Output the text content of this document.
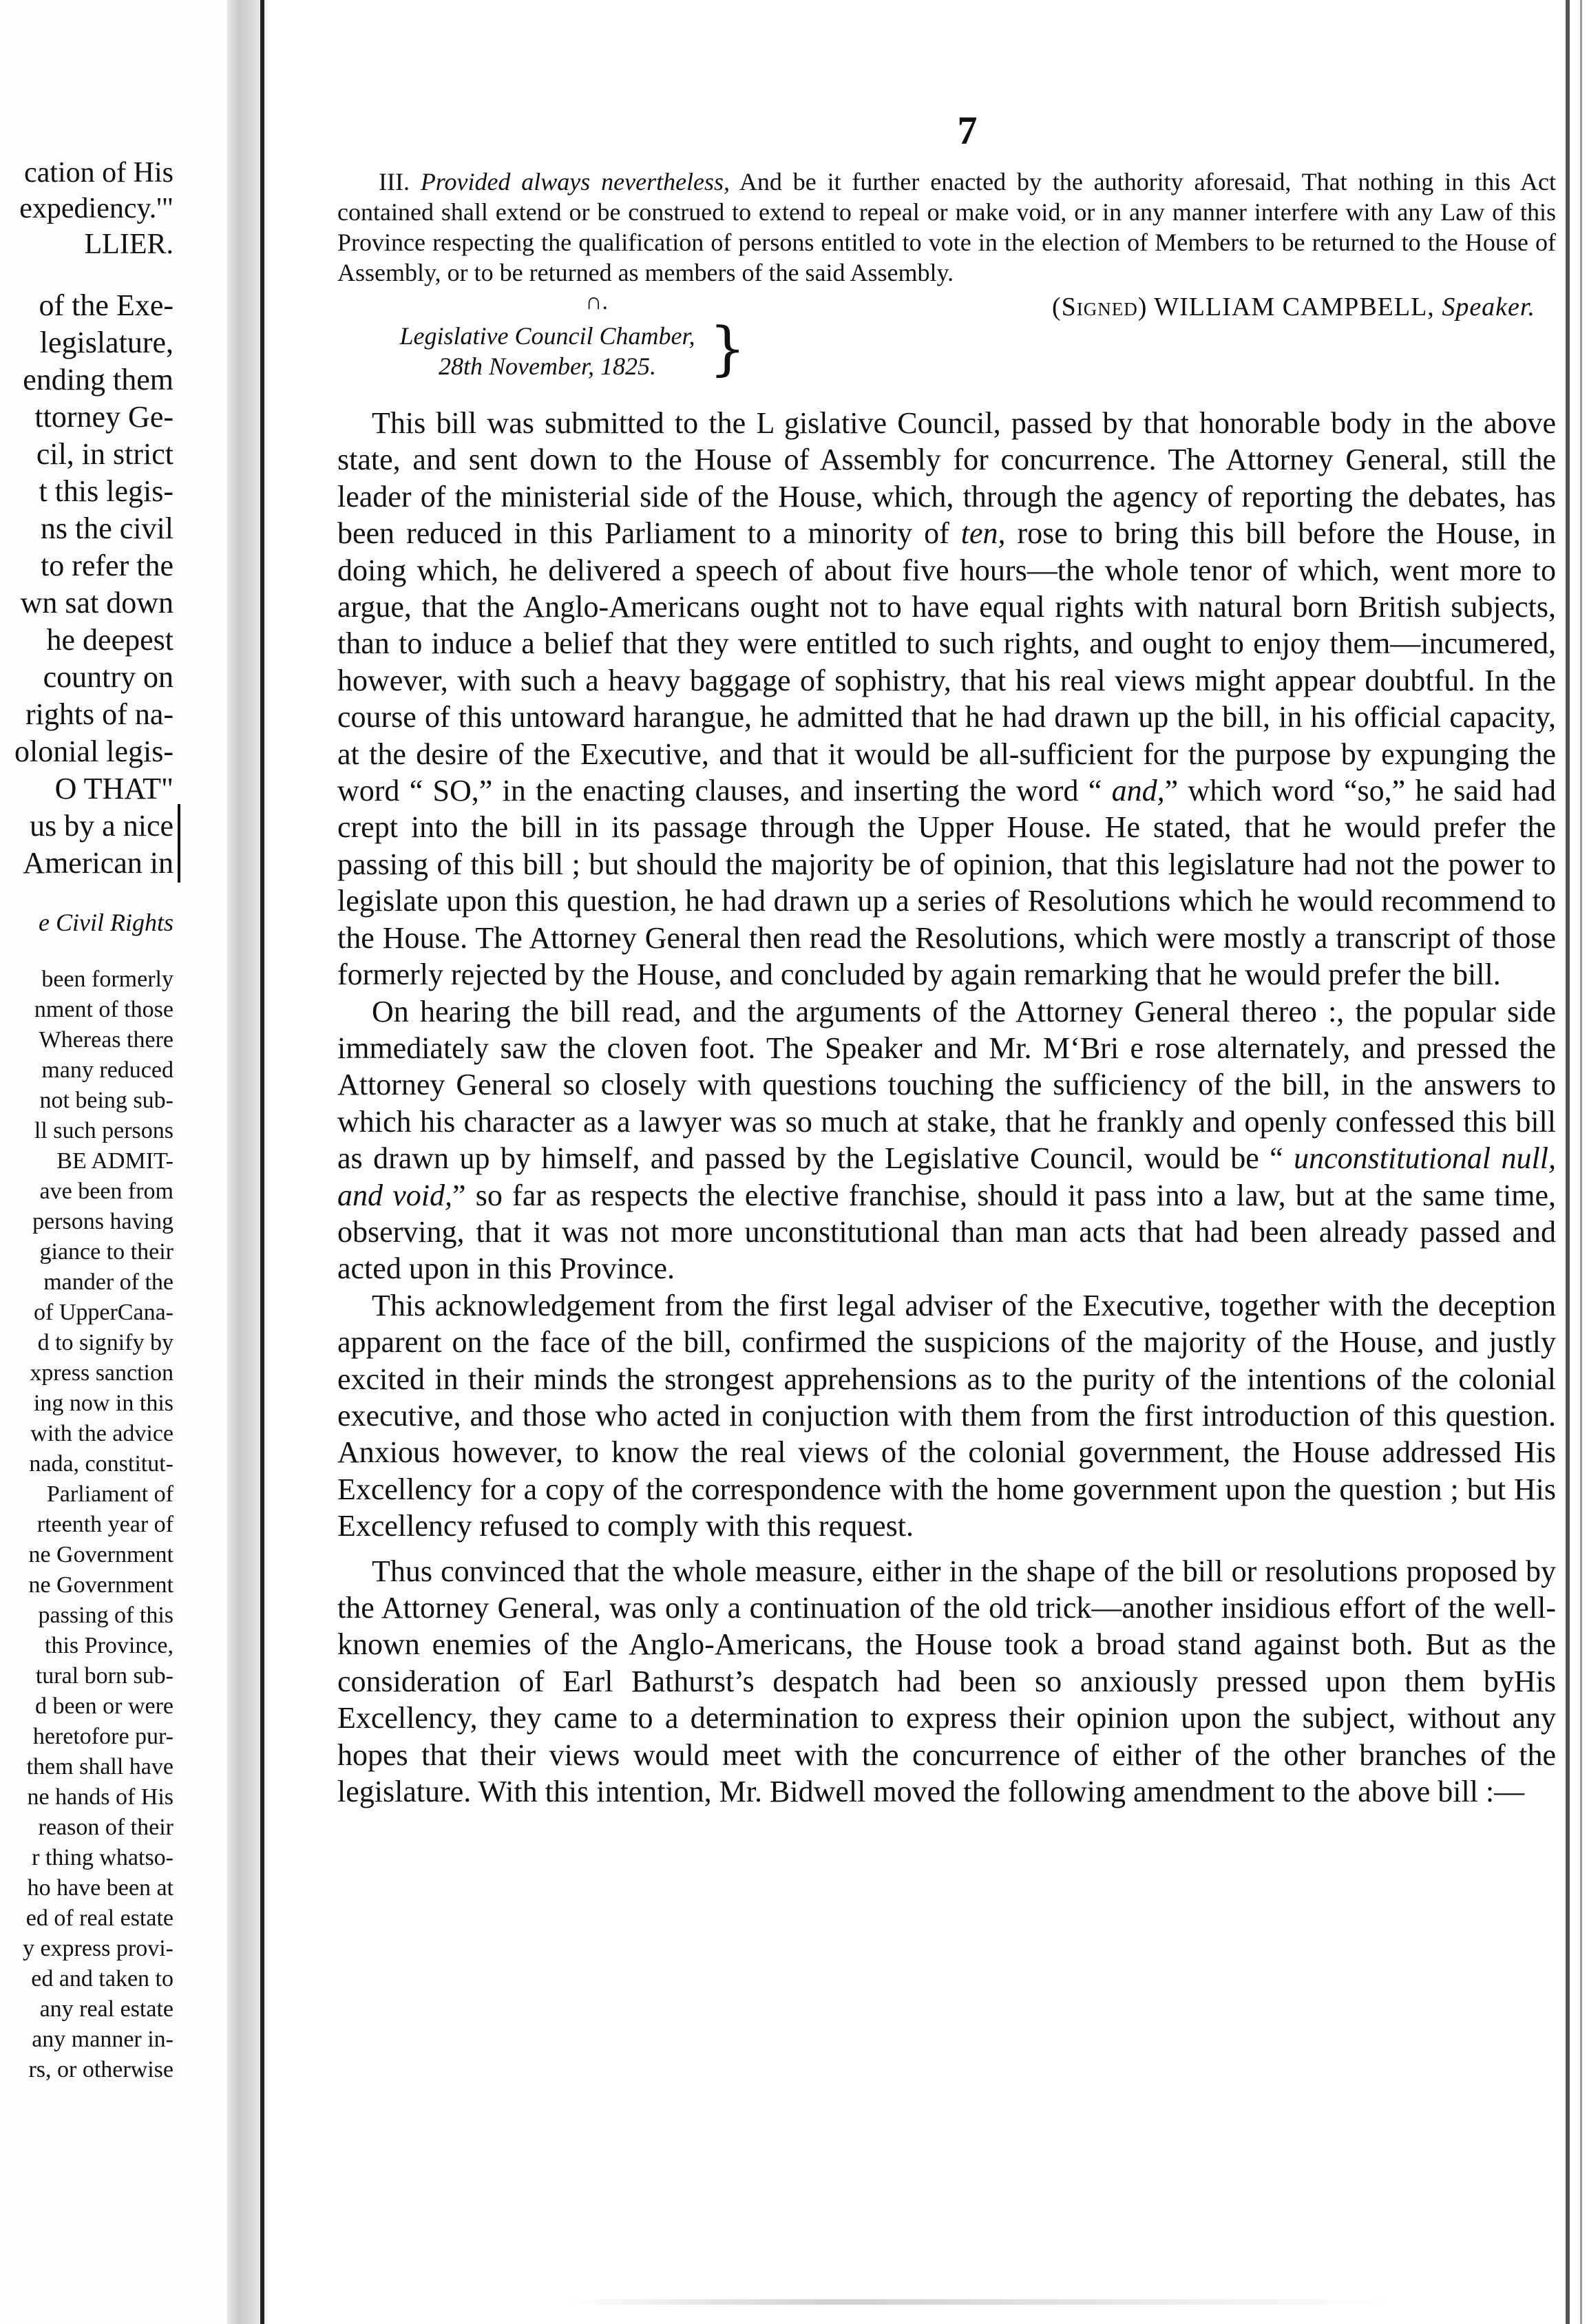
cation of His
expediency.'"
LLIER.
of the Exe-
legislature,
ending them
ttorney Ge-
cil, in strict
t this legis-
ns the civil
to refer the
wn sat down
he deepest
country on
rights of na-
olonial legis-
O THAT"
us by a nice
American in
e Civil Rights
been formerly
nment of those
Whereas there
many reduced
not being sub-
ll such persons
BE ADMIT-
ave been from
persons having
giance to their
mander of the
of UpperCana-
d to signify by
xpress sanction
ing now in this
with the advice
nada, constitut-
Parliament of
rteenth year of
ne Government
ne Government
passing of this
this Province,
tural born sub-
d been or were
heretofore pur-
them shall have
ne hands of His
reason of their
r thing whatso-
ho have been at
ed of real estate
y express provi-
ed and taken to
any real estate
any manner in-
rs, or otherwise
7

III. Provided always nevertheless, And be it further enacted by the authority aforesaid, That nothing in this Act contained shall extend or be construed to extend to repeal or make void, or in any manner interfere with any Law of this Province respecting the qualification of persons entitled to vote in the election of Members to be returned to the House of Assembly, or to be returned as members of the said Assembly.

∩.	(Signed) WILLIAM CAMPBELL, Speaker.
Legislative Council Chamber,
28th November, 1825. }

This bill was submitted to the L gislative Council, passed by that honorable body in the above state, and sent down to the House of Assembly for concurrence. The Attorney General, still the leader of the ministerial side of the House, which, through the agency of reporting the debates, has been reduced in this Parliament to a minority of ten, rose to bring this bill before the House, in doing which, he delivered a speech of about five hours—the whole tenor of which, went more to argue, that the Anglo-Americans ought not to have equal rights with natural born British subjects, than to induce a belief that they were entitled to such rights, and ought to enjoy them—incumered, however, with such a heavy baggage of sophistry, that his real views might appear doubtful. In the course of this untoward harangue, he admitted that he had drawn up the bill, in his official capacity, at the desire of the Executive, and that it would be all-sufficient for the purpose by expunging the word “ SO,” in the enacting clauses, and inserting the word “ and,” which word “so,” he said had crept into the bill in its passage through the Upper House. He stated, that he would prefer the passing of this bill ; but should the majority be of opinion, that this legislature had not the power to legislate upon this question, he had drawn up a series of Resolutions which he would recommend to the House. The Attorney General then read the Resolutions, which were mostly a transcript of those formerly rejected by the House, and concluded by again remarking that he would prefer the bill.

On hearing the bill read, and the arguments of the Attorney General thereo :, the popular side immediately saw the cloven foot. The Speaker and Mr. M‘Bri e rose alternately, and pressed the Attorney General so closely with questions touching the sufficiency of the bill, in the answers to which his character as a lawyer was so much at stake, that he frankly and openly confessed this bill as drawn up by himself, and passed by the Legislative Council, would be “ unconstitutional null, and void,” so far as respects the elective franchise, should it pass into a law, but at the same time, observing, that it was not more unconstitutional than man acts that had been already passed and acted upon in this Province.

This acknowledgement from the first legal adviser of the Executive, together with the deception apparent on the face of the bill, confirmed the suspicions of the majority of the House, and justly excited in their minds the strongest apprehensions as to the purity of the intentions of the colonial executive, and those who acted in conjuction with them from the first introduction of this question. Anxious however, to know the real views of the colonial government, the House addressed His Excellency for a copy of the correspondence with the home government upon the question ; but His Excellency refused to comply with this request.

Thus convinced that the whole measure, either in the shape of the bill or resolutions proposed by the Attorney General, was only a continuation of the old trick—another insidious effort of the well-known enemies of the Anglo-Americans, the House took a broad stand against both. But as the consideration of Earl Bathurst’s despatch had been so anxiously pressed upon them byHis Excellency, they came to a determination to express their opinion upon the subject, without any hopes that their views would meet with the concurrence of either of the other branches of the legislature. With this intention, Mr. Bidwell moved the following amendment to the above bill :—
